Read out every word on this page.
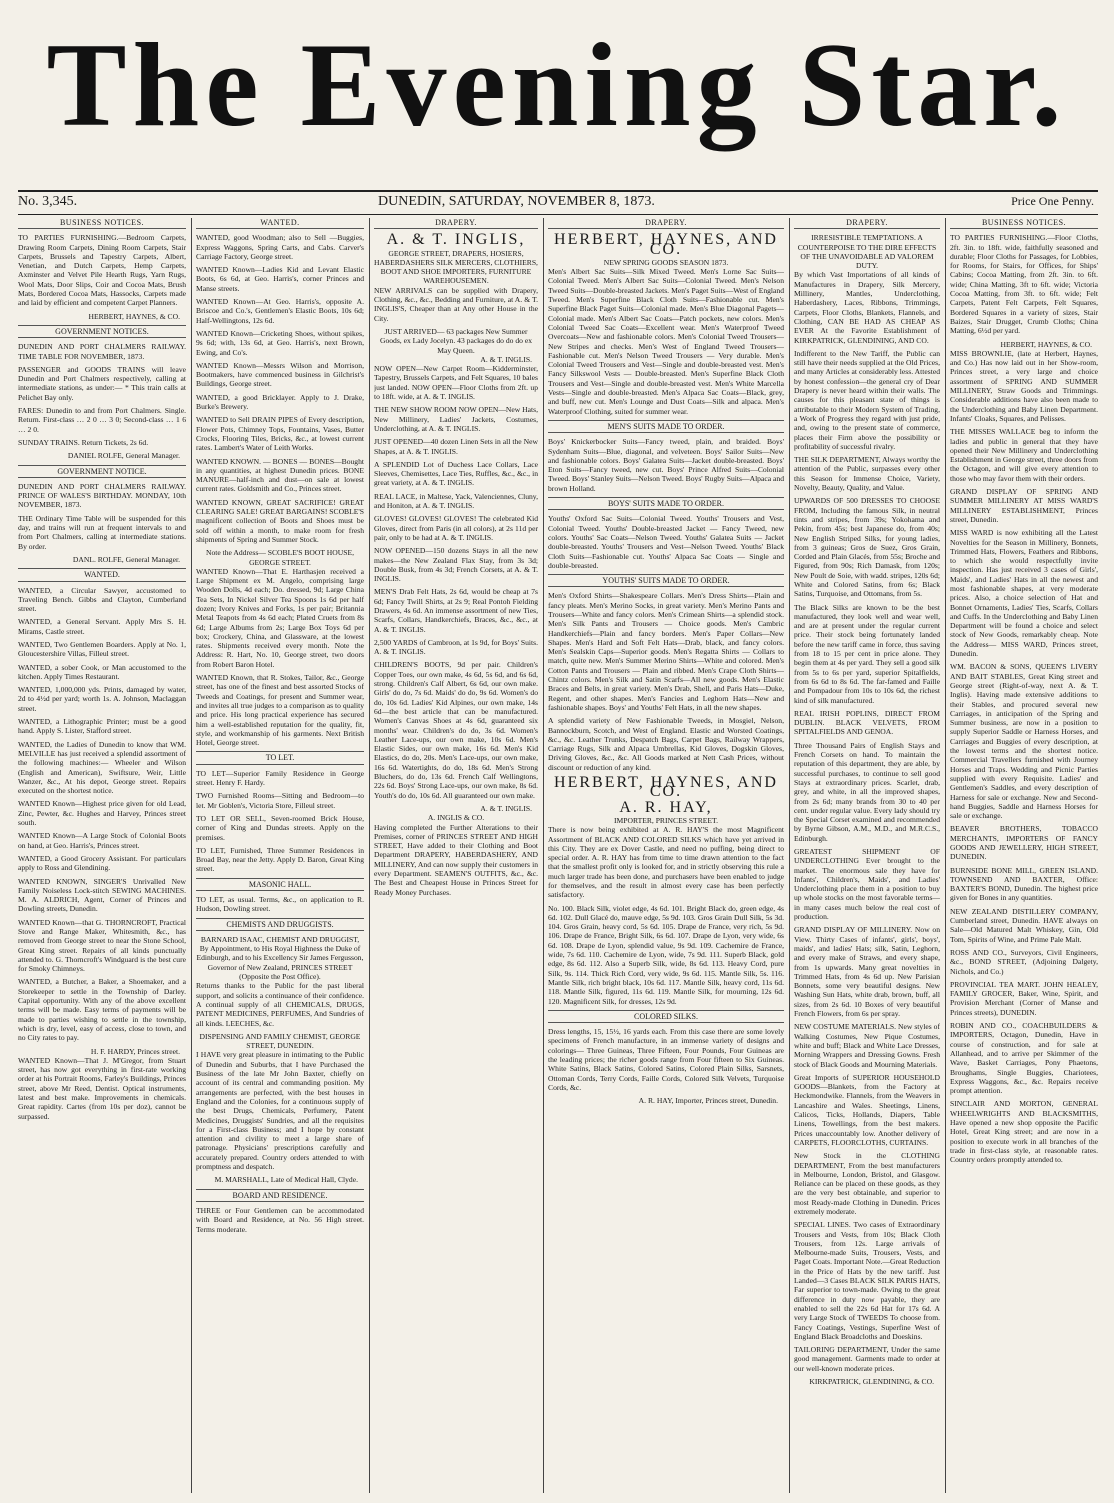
The Evening Star.
No. 3,345.	DUNEDIN, SATURDAY, NOVEMBER 8, 1873.	Price One Penny.
BUSINESS NOTICES.

TO PARTIES FURNISHING.—Bedroom Carpets, Drawing Room Carpets, Dining Room Carpets, Stair Carpets, Brussels and Tapestry Carpets, Albert, Venetian, and Dutch Carpets, Hemp Carpets, Axminster and Velvet Pile Hearth Rugs, Yarn Rugs, Wool Mats, Door Slips, Coir and Cocoa Mats, Brush Mats, Bordered Cocoa Mats, Hassocks, Carpets made and laid by efficient and competent Carpet Planners.

HERBERT, HAYNES, & CO.
GOVERNMENT NOTICES.

DUNEDIN AND PORT CHALMERS RAILWAY. TIME TABLE FOR NOVEMBER, 1873.

PASSENGER and GOODS TRAINS will leave Dunedin and Port Chalmers respectively, calling at intermediate stations, as under:— * This train calls at Pelichet Bay only.

FARES: Dunedin to and from Port Chalmers. Single. Return. First-class … 2 0 … 3 0; Second-class … 1 6 … 2 0.

SUNDAY TRAINS. Return Tickets, 2s 6d.

DANIEL ROLFE, General Manager.
GOVERNMENT NOTICE.

DUNEDIN AND PORT CHALMERS RAILWAY. PRINCE OF WALES'S BIRTHDAY. MONDAY, 10th NOVEMBER, 1873.

THE Ordinary Time Table will be suspended for this day, and trains will run at frequent intervals to and from Port Chalmers, calling at intermediate stations. By order.

DANL. ROLFE, General Manager.
WANTED.

WANTED, a Circular Sawyer, accustomed to Traveling Bench. Gibbs and Clayton, Cumberland street.

WANTED, a General Servant. Apply Mrs S. H. Mirams, Castle street.

WANTED, Two Gentlemen Boarders. Apply at No. 1, Gloucestershire Villas, Filleul street.

WANTED, a sober Cook, or Man accustomed to the kitchen. Apply Times Restaurant.

WANTED, 1,000,000 yds. Prints, damaged by water, 2d to 4½d per yard; worth 1s. A. Johnson, Maclaggan street.

WANTED, a Lithographic Printer; must be a good hand. Apply S. Lister, Stafford street.

WANTED, the Ladies of Dunedin to know that WM. MELVILLE has just received a splendid assortment of the following machines:— Wheeler and Wilson (English and American), Swiftsure, Weir, Little Wanzer, &c., At his depot, George street. Repairs executed on the shortest notice.

WANTED Known—Highest price given for old Lead, Zinc, Pewter, &c. Hughes and Harvey, Princes street south.

WANTED Known—A Large Stock of Colonial Boots on hand, at Geo. Harris's, Princes street.

WANTED, a Good Grocery Assistant. For particulars apply to Ross and Glendining.

WANTED KNOWN, SINGER'S Unrivalled New Family Noiseless Lock-stitch SEWING MACHINES. M. A. ALDRICH, Agent, Corner of Princes and Dowling streets, Dunedin.

WANTED Known—that G. THORNCROFT, Practical Stove and Range Maker, Whitesmith, &c., has removed from George street to near the Stone School, Great King street. Repairs of all kinds punctually attended to. G. Thorncroft's Windguard is the best cure for Smoky Chimneys.

WANTED, a Butcher, a Baker, a Shoemaker, and a Storekeeper to settle in the Township of Darley. Capital opportunity. With any of the above excellent terms will be made. Easy terms of payments will be made to parties wishing to settle in the township, which is dry, level, easy of access, close to town, and no City rates to pay.

H. F. HARDY, Princes street.

WANTED Known—That J. M'Gregor, from Stuart street, has now got everything in first-rate working order at his Portrait Rooms, Farley's Buildings, Princes street, above Mr Reed, Dentist. Optical instruments, latest and best make. Improvements in chemicals. Great rapidity. Cartes (from 10s per doz), cannot be surpassed.

WANTED.

WANTED, good Woodman; also to Sell —Buggies, Express Waggons, Spring Carts, and Cabs. Carver's Carriage Factory, George street.

WANTED Known—Ladies Kid and Levant Elastic Boots, 6s 6d, at Geo. Harris's, corner Princes and Manse streets.

WANTED Known—At Geo. Harris's, opposite A. Briscoe and Co.'s, Gentlemen's Elastic Boots, 10s 6d; Half-Wellingtons, 12s 6d.

WANTED Known—Cricketing Shoes, without spikes, 9s 6d; with, 13s 6d, at Geo. Harris's, next Brown, Ewing, and Co's.

WANTED Known—Messrs Wilson and Morrison, Bootmakers, have commenced business in Gilchrist's Buildings, George street.

WANTED, a good Bricklayer. Apply to J. Drake, Burke's Brewery.

WANTED to Sell DRAIN PIPES of Every description, Flower Pots, Chimney Tops, Fountains, Vases, Butter Crocks, Flooring Tiles, Bricks, &c., at lowest current rates. Lambert's Water of Leith Works.

WANTED KNOWN. — BONES — BONES—Bought in any quantities, at highest Dunedin prices. BONE MANURE—half-inch and dust—on sale at lowest current rates. Goldsmith and Co., Princes street.

WANTED KNOWN, GREAT SACRIFICE! GREAT CLEARING SALE! GREAT BARGAINS! SCOBLE'S magnificent collection of Boots and Shoes must be sold off within a month, to make room for fresh shipments of Spring and Summer Stock.

Note the Address— SCOBLE'S BOOT HOUSE, GEORGE STREET.

WANTED Known—That E. Harthasjen received a Large Shipment ex M. Angelo, comprising large Wooden Dolls, 4d each; Do. dressed, 9d; Large China Tea Sets, In Nickel Silver Tea Spoons 1s 6d per half dozen; Ivory Knives and Forks, 1s per pair; Britannia Metal Teapots from 4s 6d each; Plated Cruets from 8s 6d; Large Albums from 2s; Large Box Toys 6d per box; Crockery, China, and Glassware, at the lowest rates. Shipments received every month. Note the Address: R. Hart, No. 10, George street, two doors from Robert Baron Hotel.

WANTED Known, that R. Stokes, Tailor, &c., George street, has one of the finest and best assorted Stocks of Tweeds and Coatings, for present and Summer wear, and invites all true judges to a comparison as to quality and price. His long practical experience has secured him a well-established reputation for the quality, fit, style, and workmanship of his garments. Next British Hotel, George street.

TO LET.

TO LET—Superior Family Residence in George street. Henry F. Hardy.

TWO Furnished Rooms—Sitting and Bedroom—to let. Mr Goblen's, Victoria Store, Filleul street.

TO LET OR SELL, Seven-roomed Brick House, corner of King and Dundas streets. Apply on the premises.

TO LET, Furnished, Three Summer Residences in Broad Bay, near the Jetty. Apply D. Baron, Great King street.

MASONIC HALL.

TO LET, as usual. Terms, &c., on application to R. Hudson, Dowling street.

CHEMISTS AND DRUGGISTS.
BARNARD ISAAC, CHEMIST AND DRUGGIST, By Appointment, to His Royal Highness the Duke of Edinburgh, and to his Excellency Sir James Fergusson, Governor of New Zealand, PRINCES STREET (Opposite the Post Office).

Returns thanks to the Public for the past liberal support, and solicits a continuance of their confidence. A continual supply of all CHEMICALS, DRUGS, PATENT MEDICINES, PERFUMES, And Sundries of all kinds. LEECHES, &c.

DISPENSING AND FAMILY CHEMIST, GEORGE STREET, DUNEDIN.

I HAVE very great pleasure in intimating to the Public of Dunedin and Suburbs, that I have Purchased the Business of the late Mr John Baxter, chiefly on account of its central and commanding position. My arrangements are perfected, with the best houses in England and the Colonies, for a continuous supply of the best Drugs, Chemicals, Perfumery, Patent Medicines, Druggists' Sundries, and all the requisites for a First-class Business; and I hope by constant attention and civility to meet a large share of patronage. Physicians' prescriptions carefully and accurately prepared. Country orders attended to with promptness and despatch.

M. MARSHALL, Late of Medical Hall, Clyde.
BOARD AND RESIDENCE.

THREE or Four Gentlemen can be accommodated with Board and Residence, at No. 56 High street. Terms moderate.

DRAPERY.
A. & T. INGLIS,
GEORGE STREET, DRAPERS, HOSIERS, HABERDASHERS SILK MERCERS, CLOTHIERS, BOOT AND SHOE IMPORTERS, FURNITURE WAREHOUSEMEN.

NEW ARRIVALS can be supplied with Drapery, Clothing, &c., &c., Bedding and Furniture, at A. & T. INGLIS'S, Cheaper than at Any other House in the City.

JUST ARRIVED— 63 packages New Summer Goods, ex Lady Jocelyn. 43 packages do do do ex May Queen.
A. & T. INGLIS.

NOW OPEN—New Carpet Room—Kidderminster, Tapestry, Brussels Carpets, and Felt Squares, 10 bales just landed. NOW OPEN—Floor Cloths from 2ft. up to 18ft. wide, at A. & T. INGLIS.

THE NEW SHOW ROOM NOW OPEN—New Hats, New Millinery, Ladies' Jackets, Costumes, Underclothing, at A. & T. INGLIS.

JUST OPENED—40 dozen Linen Sets in all the New Shapes, at A. & T. INGLIS.

A SPLENDID Lot of Duchess Lace Collars, Lace Sleeves, Chemisettes, Lace Ties, Ruffles, &c., &c., in great variety, at A. & T. INGLIS.

REAL LACE, in Maltese, Yack, Valenciennes, Cluny, and Honiton, at A. & T. INGLIS.

GLOVES! GLOVES! GLOVES! The celebrated Kid Gloves, direct from Paris (in all colors), at 2s 11d per pair, only to be had at A. & T. INGLIS.

NOW OPENED—150 dozens Stays in all the new makes—the New Zealand Flax Stay, from 3s 3d; Double Busk, from 4s 3d; French Corsets, at A. & T. INGLIS.

MEN'S Drab Felt Hats, 2s 6d, would be cheap at 7s 6d; Fancy Twill Shirts, at 2s 9; Real Pontoh Fielding Drawers, 4s 6d. An immense assortment of new Ties, Scarfs, Collars, Handkerchiefs, Braces, &c., &c., at A. & T. INGLIS.

2,500 YARDS of Cambroon, at 1s 9d, for Boys' Suits. A. & T. INGLIS.

CHILDREN'S BOOTS, 9d per pair. Children's Copper Toes, our own make, 4s 6d, 5s 6d, and 6s 6d, strong. Children's Calf Albert, 6s 6d, our own make. Girls' do do, 7s 6d. Maids' do do, 9s 6d. Women's do do, 10s 6d. Ladies' Kid Alpines, our own make, 14s 6d—the best article that can be manufactured. Women's Canvas Shoes at 4s 6d, guaranteed six months' wear. Children's do do, 3s 6d. Women's Leather Lace-ups, our own make, 10s 6d. Men's Elastic Sides, our own make, 16s 6d. Men's Kid Elastics, do do, 20s. Men's Lace-ups, our own make, 16s 6d. Watertights, do do, 18s 6d. Men's Strong Bluchers, do do, 13s 6d. French Calf Wellingtons, 22s 6d. Boys' Strong Lace-ups, our own make, 8s 6d. Youth's do do, 10s 6d. All guaranteed our own make.

A. & T. INGLIS.
A. INGLIS & CO.

Having completed the Further Alterations to their Premises, corner of PRINCES STREET AND HIGH STREET, Have added to their Clothing and Boot Department DRAPERY, HABERDASHERY, AND MILLINERY, And can now supply their customers in every Department. SEAMEN'S OUTFITS, &c., &c. The Best and Cheapest House in Princes Street for Ready Money Purchases.

DRAPERY.
HERBERT, HAYNES, AND CO.
NEW SPRING GOODS SEASON 1873.

Men's Albert Sac Suits—Silk Mixed Tweed. Men's Lorne Sac Suits—Colonial Tweed. Men's Albert Sac Suits—Colonial Tweed. Men's Nelson Tweed Suits—Double-breasted Jackets. Men's Paget Suits—West of England Tweed. Men's Superfine Black Cloth Suits—Fashionable cut. Men's Superfine Black Paget Suits—Colonial made. Men's Blue Diagonal Pagets—Colonial made. Men's Albert Sac Coats—Patch pockets, new colors. Men's Colonial Tweed Sac Coats—Excellent wear. Men's Waterproof Tweed Overcoats—New and fashionable colors. Men's Colonial Tweed Trousers—New Stripes and checks. Men's West of England Tweed Trousers—Fashionable cut. Men's Nelson Tweed Trousers — Very durable. Men's Colonial Tweed Trousers and Vest—Single and double-breasted vest. Men's Fancy Silkswool Vests — Double-breasted. Men's Superfine Black Cloth Trousers and Vest—Single and double-breasted vest. Men's White Marcella Vests—Single and double-breasted. Men's Alpaca Sac Coats—Black, grey, and buff, new cut. Men's Lounge and Dust Coats—Silk and alpaca. Men's Waterproof Clothing, suited for summer wear.

MEN'S SUITS MADE TO ORDER.

Boys' Knickerbocker Suits—Fancy tweed, plain, and braided. Boys' Sydenham Suits—Blue, diagonal, and velveteen. Boys' Sailor Suits—New and fashionable colors. Boys' Galatea Suits—Jacket double-breasted. Boys' Eton Suits—Fancy tweed, new cut. Boys' Prince Alfred Suits—Colonial Tweed. Boys' Stanley Suits—Nelson Tweed. Boys' Rugby Suits—Alpaca and brown Holland.

BOYS' SUITS MADE TO ORDER.

Youths' Oxford Sac Suits—Colonial Tweed. Youths' Trousers and Vest, Colonial Tweed. Youths' Double-breasted Jacket — Fancy Tweed, new colors. Youths' Sac Coats—Nelson Tweed. Youths' Galatea Suits — Jacket double-breasted. Youths' Trousers and Vest—Nelson Tweed. Youths' Black Cloth Suits—Fashionable cut. Youths' Alpaca Sac Coats — Single and double-breasted.

YOUTHS' SUITS MADE TO ORDER.

Men's Oxford Shirts—Shakespeare Collars. Men's Dress Shirts—Plain and fancy pleats. Men's Merino Socks, in great variety. Men's Merino Pants and Trousers—White and fancy colors. Men's Crimean Shirts—a splendid stock. Men's Silk Pants and Trousers — Choice goods. Men's Cambric Handkerchiefs—Plain and fancy borders. Men's Paper Collars—New Shapes. Men's Hard and Soft Felt Hats—Drab, black, and fancy colors. Men's Sealskin Caps—Superior goods. Men's Regatta Shirts — Collars to match, quite new. Men's Summer Merino Shirts—White and colored. Men's Cotton Pants and Trousers — Plain and ribbed. Men's Crape Cloth Shirts—Chintz colors. Men's Silk and Satin Scarfs—All new goods. Men's Elastic Braces and Belts, in great variety. Men's Drab, Shell, and Paris Hats—Duke, Regent, and other shapes. Men's Fancies and Leghorn Hats—New and fashionable shapes. Boys' and Youths' Felt Hats, in all the new shapes.

A splendid variety of New Fashionable Tweeds, in Mosgiel, Nelson, Bannockburn, Scotch, and West of England. Elastic and Worsted Coatings, &c., &c. Leather Trunks, Despatch Bags, Carpet Bags, Railway Wrappers, Carriage Rugs, Silk and Alpaca Umbrellas, Kid Gloves, Dogskin Gloves, Driving Gloves, &c., &c. All Goods marked at Nett Cash Prices, without discount or reduction of any kind.

HERBERT, HAYNES, AND CO.
A. R. HAY,
IMPORTER, PRINCES STREET.

There is now being exhibited at A. R. HAY'S the most Magnificent Assortment of BLACK AND COLORED SILKS which have yet arrived in this City. They are ex Dover Castle, and need no puffing, being direct to special order. A. R. HAY has from time to time drawn attention to the fact that the smallest profit only is looked for, and in strictly observing this rule a much larger trade has been done, and purchasers have been enabled to judge for themselves, and the result in almost every case has been perfectly satisfactory.

No. 100. Black Silk, violet edge, 4s 6d. 101. Bright Black do, green edge, 4s 6d. 102. Dull Glacé do, mauve edge, 5s 9d. 103. Gros Grain Dull Silk, 5s 3d. 104. Gros Grain, heavy cord, 5s 6d. 105. Drape de France, very rich, 5s 9d. 106. Drape de France, Bright Silk, 6s 6d. 107. Drape de Lyon, very wide, 6s 6d. 108. Drape de Lyon, splendid value, 9s 9d. 109. Cachemire de France, wide, 7s 6d. 110. Cachemire de Lyon, wide, 7s 9d. 111. Superb Black, gold edge, 8s 6d. 112. Also a Superb Silk, wide, 8s 6d. 113. Heavy Cord, pure Silk, 9s. 114. Thick Rich Cord, very wide, 9s 6d. 115. Mantle Silk, 5s. 116. Mantle Silk, rich bright black, 10s 6d. 117. Mantle Silk, heavy cord, 11s 6d. 118. Mantle Silk, figured, 11s 6d. 119. Mantle Silk, for mourning, 12s 6d. 120. Magnificent Silk, for dresses, 12s 9d.

COLORED SILKS.

Dress lengths, 15, 15½, 16 yards each. From this case there are some lovely specimens of French manufacture, in an immense variety of designs and colorings— Three Guineas, Three Fifteen, Four Pounds, Four Guineas are the leading prices; the richer goods range from Four fifteen to Six Guineas. White Satins, Black Satins, Colored Satins, Colored Plain Silks, Sarsnets, Ottoman Cords, Terry Cords, Faille Cords, Colored Silk Velvets, Turquoise Cords, &c.

A. R. HAY, Importer, Princes street, Dunedin.
DRAPERY.
IRRESISTIBLE TEMPTATIONS. A COUNTERPOISE TO THE DIRE EFFECTS OF THE UNAVOIDABLE AD VALOREM DUTY.

By which Vast Importations of all kinds of Manufactures in Drapery, Silk Mercery, Millinery, Mantles, Underclothing, Haberdashery, Laces, Ribbons, Trimmings, Carpets, Floor Cloths, Blankets, Flannels, and Clothing, CAN BE HAD AS CHEAP AS EVER At the Favorite Establishment of KIRKPATRICK, GLENDINING, AND CO.

Indifferent to the New Tariff, the Public can still have their needs supplied at the Old Prices, and many Articles at considerably less. Attested by honest confession—the general cry of Dear Drapery is never heard within their walls. The causes for this pleasant state of things is attributable to their Modern System of Trading, a Work of Progress they regard with just pride, and, owing to the present state of commerce, places their Firm above the possibility or profitability of successful rivalry.

THE SILK DEPARTMENT, Always worthy the attention of the Public, surpasses every other this Season for Immense Choice, Variety, Novelty, Beauty, Quality, and Value.

UPWARDS OF 500 DRESSES TO CHOOSE FROM, Including the famous Silk, in neutral tints and stripes, from 39s; Yokohama and Pekin, from 45s; best Japanese do, from 40s; New English Striped Silks, for young ladies, from 3 guineas; Gros de Suez, Gros Grain, Corded and Plain Glacés, from 55s; Broche and Figured, from 90s; Rich Damask, from 120s; New Poult de Soie, with wadd. stripes, 120s 6d; White and Colored Satins, from 6s; Black Satins, Turquoise, and Ottomans, from 5s.

The Black Silks are known to be the best manufactured, they look well and wear well, and are at present under the regular current price. Their stock being fortunately landed before the new tariff came in force, thus saving from 18 to 15 per cent in price alone. They begin them at 4s per yard. They sell a good silk from 5s to 6s per yard, superior Spitalfields, from 6s 6d to 8s 6d. The far-famed and Faille and Pompadour from 10s to 10s 6d, the richest kind of silk manufactured.

REAL IRISH POPLINS, DIRECT FROM DUBLIN. BLACK VELVETS, FROM SPITALFIELDS AND GENOA.

Three Thousand Pairs of English Stays and French Corsets on hand. To maintain the reputation of this department, they are able, by successful purchases, to continue to sell good Stays at extraordinary prices. Scarlet, drab, grey, and white, in all the improved shapes, from 2s 6d; many brands from 30 to 40 per cent. under regular value. Every lady should try the Special Corset examined and recommended by Byrne Gibson, A.M., M.D., and M.R.C.S., Edinburgh.

GREATEST SHIPMENT OF UNDERCLOTHING Ever brought to the market. The enormous sale they have for Infants', Children's, Maids', and Ladies' Underclothing place them in a position to buy up whole stocks on the most favorable terms—in many cases much below the real cost of production.

GRAND DISPLAY OF MILLINERY. Now on View. Thirty Cases of infants', girls', boys', maids', and ladies' Hats; silk, Satin, Leghorn, and every make of Straws, and every shape, from 1s upwards. Many great novelties in Trimmed Hats, from 4s 6d up. New Parisian Bonnets, some very beautiful designs. New Washing Sun Hats, white drab, brown, buff, all sizes, from 2s 6d. 10 Boxes of very beautiful French Flowers, from 6s per spray.

NEW COSTUME MATERIALS. New styles of Walking Costumes, New Pique Costumes, white and buff; Black and White Lace Dresses, Morning Wrappers and Dressing Gowns. Fresh stock of Black Goods and Mourning Materials.

Great Imports of SUPERIOR HOUSEHOLD GOODS—Blankets, from the Factory at Heckmondwike. Flannels, from the Weavers in Lancashire and Wales. Sheetings, Linens, Calicos, Ticks, Hollands, Diapers, Table Linens, Towellings, from the best makers. Prices unaccountably low. Another delivery of CARPETS, FLOORCLOTHS, CURTAINS.

New Stock in the CLOTHING DEPARTMENT, From the best manufacturers in Melbourne, London, Bristol, and Glasgow. Reliance can be placed on these goods, as they are the very best obtainable, and superior to most Ready-made Clothing in Dunedin. Prices extremely moderate.

SPECIAL LINES. Two cases of Extraordinary Trousers and Vests, from 10s; Black Cloth Trousers, from 12s. Large arrivals of Melbourne-made Suits, Trousers, Vests, and Paget Coats. Important Note.—Great Reduction in the Price of Hats by the new tariff. Just Landed—3 Cases BLACK SILK PARIS HATS, Far superior to town-made. Owing to the great difference in duty now payable, they are enabled to sell the 22s 6d Hat for 17s 6d. A very Large Stock of TWEEDS To choose from. Fancy Coatings, Vestings, Superfine West of England Black Broadcloths and Doeskins.

TAILORING DEPARTMENT, Under the same good management. Garments made to order at our well-known moderate prices.

KIRKPATRICK, GLENDINING, & CO.
BUSINESS NOTICES.

TO PARTIES FURNISHING.—Floor Cloths, 2ft. 3in. to 18ft. wide, faithfully seasoned and durable; Floor Cloths for Passages, for Lobbies, for Rooms, for Stairs, for Offices, for Ships' Cabins; Cocoa Matting, from 2ft. 3in. to 6ft. wide; China Matting, 3ft to 6ft. wide; Victoria Cocoa Matting, from 3ft. to 6ft. wide; Felt Carpets, Patent Felt Carpets, Felt Squares, Bordered Squares in a variety of sizes, Stair Baizes, Stair Drugget, Crumb Cloths; China Matting, 6½d per yard.

HERBERT, HAYNES, & CO.

MISS BROWNLIE, (late at Herbert, Haynes, and Co.) Has now laid out in her Show-room, Princes street, a very large and choice assortment of SPRING AND SUMMER MILLINERY, Straw Goods and Trimmings. Considerable additions have also been made to the Underclothing and Baby Linen Department. Infants' Cloaks, Squares, and Pelisses.

THE MISSES WALLACE beg to inform the ladies and public in general that they have opened their New Millinery and Underclothing Establishment in George street, three doors from the Octagon, and will give every attention to those who may favor them with their orders.

GRAND DISPLAY OF SPRING AND SUMMER MILLINERY AT MISS WARD'S MILLINERY ESTABLISHMENT, Princes street, Dunedin.

MISS WARD is now exhibiting all the Latest Novelties for the Season in Millinery, Bonnets, Trimmed Hats, Flowers, Feathers and Ribbons, to which she would respectfully invite inspection. Has just received 3 cases of Girls', Maids', and Ladies' Hats in all the newest and most fashionable shapes, at very moderate prices. Also, a choice selection of Hat and Bonnet Ornaments, Ladies' Ties, Scarfs, Collars and Cuffs. In the Underclothing and Baby Linen Department will be found a choice and select stock of New Goods, remarkably cheap. Note the Address— MISS WARD, Princes street, Dunedin.

WM. BACON & SONS, QUEEN'S LIVERY AND BAIT STABLES, Great King street and George street (Right-of-way, next A. & T. Inglis). Having made extensive additions to their Stables, and procured several new Carriages, in anticipation of the Spring and Summer business, are now in a position to supply Superior Saddle or Harness Horses, and Carriages and Buggies of every description, at the lowest terms and the shortest notice. Commercial Travellers furnished with Journey Horses and Traps. Wedding and Picnic Parties supplied with every Requisite. Ladies' and Gentlemen's Saddles, and every description of Harness for sale or exchange. New and Second-hand Buggies, Saddle and Harness Horses for sale or exchange.

BEAVER BROTHERS, TOBACCO MERCHANTS, IMPORTERS OF FANCY GOODS AND JEWELLERY, HIGH STREET, DUNEDIN.

BURNSIDE BONE MILL, GREEN ISLAND. TOWNSEND AND BAXTER, Office: BAXTER'S BOND, Dunedin. The highest price given for Bones in any quantities.

NEW ZEALAND DISTILLERY COMPANY, Cumberland street, Dunedin. HAVE always on Sale—Old Matured Malt Whiskey, Gin, Old Tom, Spirits of Wine, and Prime Pale Malt.

ROSS AND CO., Surveyors, Civil Engineers, &c., BOND STREET, (Adjoining Dalgety, Nichols, and Co.)

PROVINCIAL TEA MART. JOHN HEALEY, FAMILY GROCER, Baker, Wine, Spirit, and Provision Merchant (Corner of Manse and Princes streets), DUNEDIN.

ROBIN AND CO., COACHBUILDERS & IMPORTERS, Octagon, Dunedin, Have in course of construction, and for sale at Allanhead, and to arrive per Skimmer of the Wave, Basket Carriages, Pony Phaetons, Broughams, Single Buggies, Chariotees, Express Waggons, &c., &c. Repairs receive prompt attention.

SINCLAIR AND MORTON, GENERAL WHEELWRIGHTS AND BLACKSMITHS, Have opened a new shop opposite the Pacific Hotel, Great King street; and are now in a position to execute work in all branches of the trade in first-class style, at reasonable rates. Country orders promptly attended to.
